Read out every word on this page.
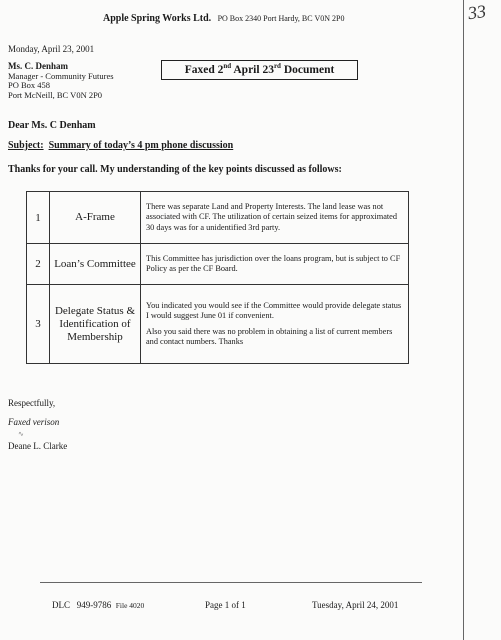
33
Apple Spring Works Ltd. PO Box 2340 Port Hardy, BC V0N 2P0
Monday, April 23, 2001
Ms. C. Denham
Manager - Community Futures
PO Box 458
Port McNeill, BC V0N 2P0
Faxed 2nd April 23rd Document
Dear Ms. C Denham
Subject: Summary of today’s 4 pm phone discussion
Thanks for your call. My understanding of the key points discussed as follows:
1	A-Frame	There was separate Land and Property Interests. The land lease was not associated with CF. The utilization of certain seized items for approximated 30 days was for a unidentified 3rd party.

2	Loan’s Committee	This Committee has jurisdiction over the loans program, but is subject to CF Policy as per the CF Board.

3	Delegate Status & Identification of Membership	You indicated you would see if the Committee would provide delegate status I would suggest June 01 if convenient.

Also you said there was no problem in obtaining a list of current members and contact numbers. Thanks

Respectfully,
Faxed verison
∿
Deane L. Clarke
DLC 949-9786 File 4020	Page 1 of 1	Tuesday, April 24, 2001
